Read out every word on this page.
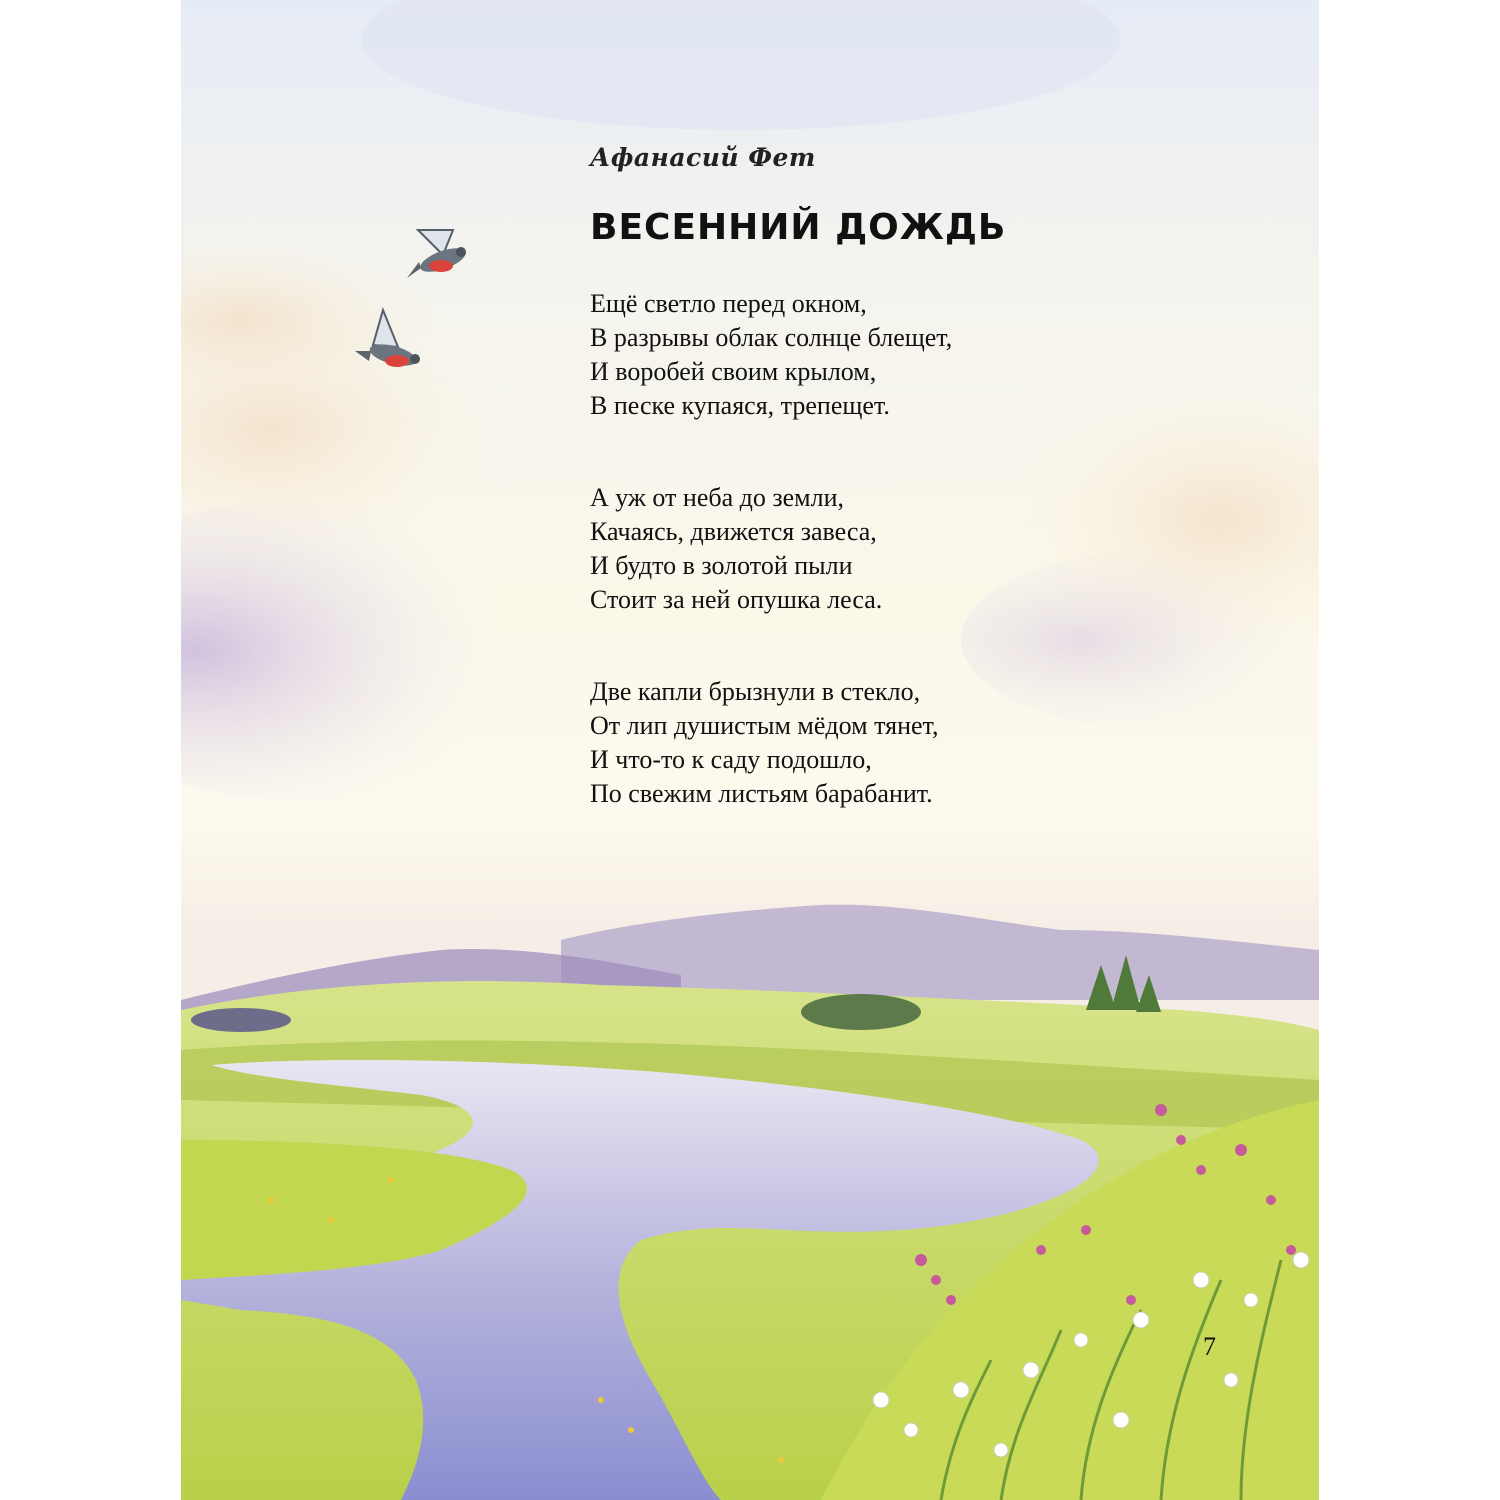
Афанасий Фет
ВЕСЕННИЙ ДОЖДЬ
Ещё светло перед окном,
В разрывы облак солнце блещет,
И воробей своим крылом,
В песке купаяся, трепещет.
А уж от неба до земли,
Качаясь, движется завеса,
И будто в золотой пыли
Стоит за ней опушка леса.
Две капли брызнули в стекло,
От лип душистым мёдом тянет,
И что-то к саду подошло,
По свежим листьям барабанит.
7
